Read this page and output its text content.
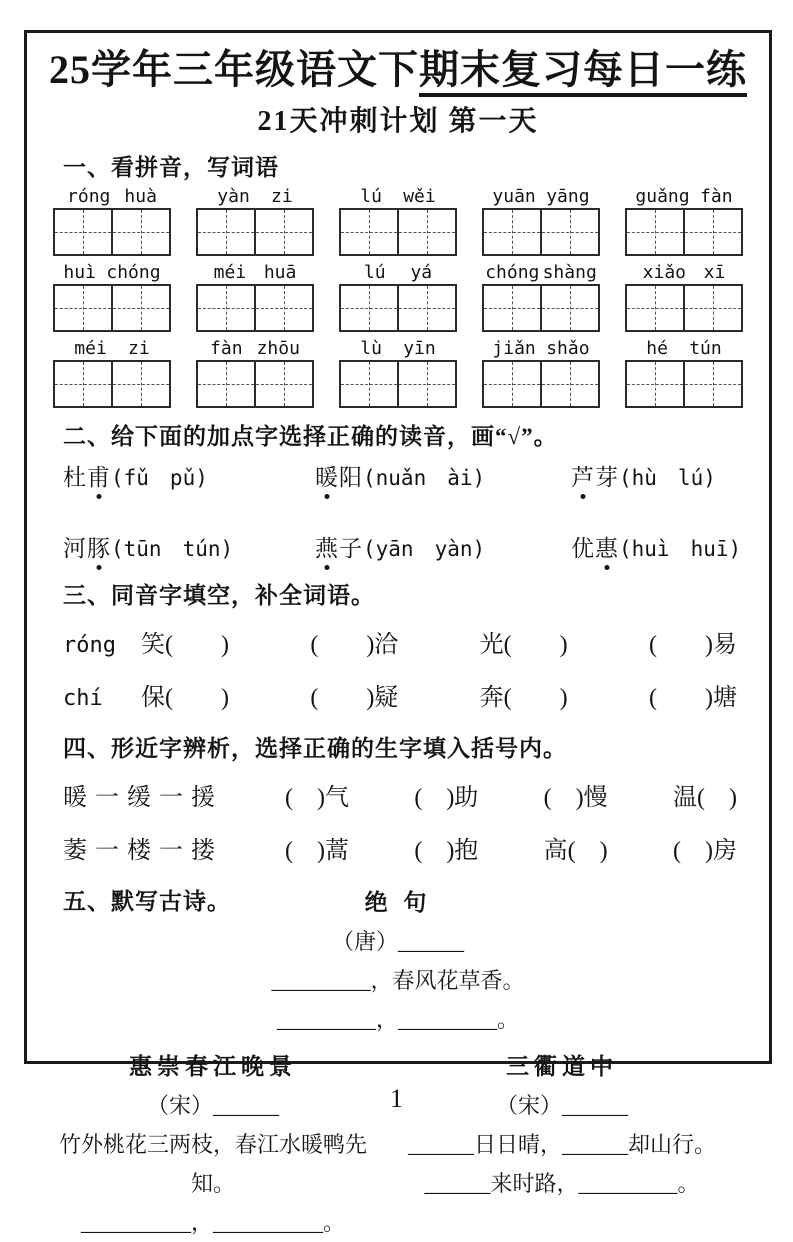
25学年三年级语文下期末复习每日一练
21天冲刺计划 第一天
一、看拼音，写词语
róng huà	yàn zi	lú wěi	yuān yāng	guǎng fàn
huì chóng	méi huā	lú yá	chóng shàng	xiǎo xī
méi zi	fàn zhōu	lù yīn	jiǎn shǎo	hé tún
二、给下面的加点字选择正确的读音，画“√”。
杜甫(fǔ　pǔ)	暖阳(nuǎn　ài)	芦芽(hù　lú)
河豚(tūn　tún)	燕子(yān　yàn)	优惠(huì　huī)
三、同音字填空，补全词语。
róng	笑(　　)	(　　)洽	光(　　)	(　　)易
chí	保(　　)	(　　)疑	奔(　　)	(　　)塘
四、形近字辨析，选择正确的生字填入括号内。
暖 一 缓 一 援	(　)气	(　)助	(　)慢	温(　)
萎 一 楼 一 搂	(　)蒿	(　)抱	高(　)	(　)房
五、默写古诗。	绝 句
（唐）______
_________，春风花草香。
_________，_________。
惠崇春江晚景
（宋）______
竹外桃花三两枝，春江水暖鸭先知。
__________，__________。
三衢道中
（宋）______
______日日晴，______却山行。
______来时路，_________。
1
